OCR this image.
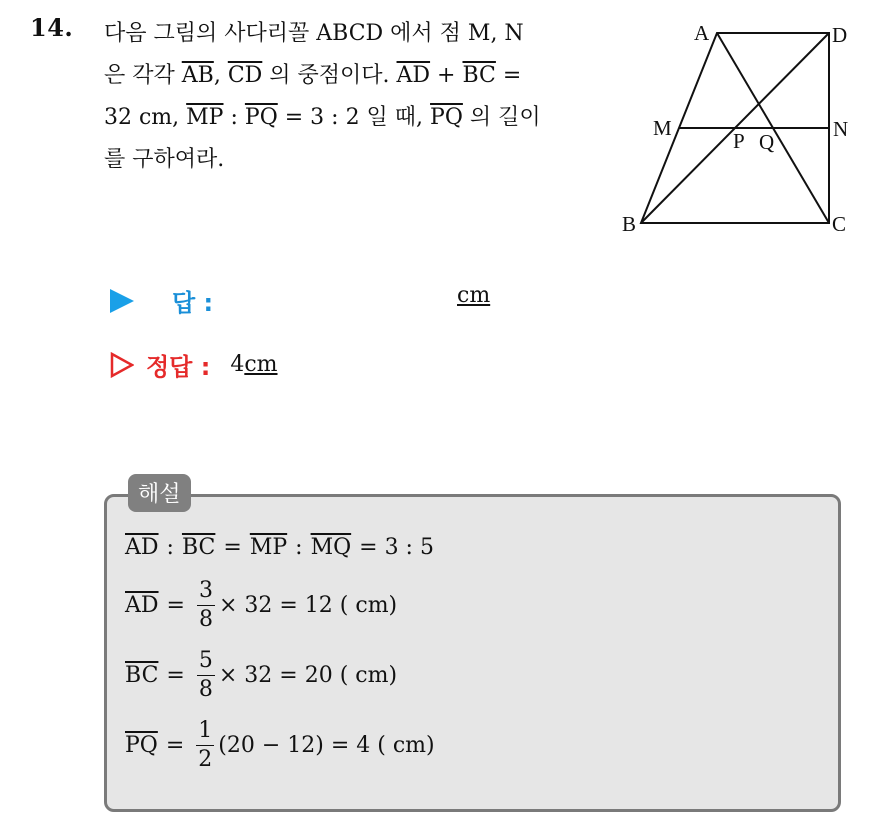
14. 다음 그림의 사다리꼴 ABCD 에서 점 M, N
은 각각 $\overline{AB}$, $\overline{CD}$ 의 중점이다. $\overline{AD} + \overline{BC}$ =
32 cm, $\overline{MP}$ : $\overline{PQ} = 3$ : 2 일 때, $\overline{PQ}$ 의 길이
를 구하여라.
A	D
M	N
P Q
B	C
답 :	cm
정답 : 4cm
해설
$\overline{AD}$ : $\overline{BC} = \overline{MP}$ : $\overline{MQ} = 3$ : 5
$\overline{AD} = \frac{3}{8} \times 32 = 12$ ( cm)
$\overline{BC} = \frac{5}{8} \times 32 = 20$ ( cm)
$\overline{PQ} = \frac{1}{2} (20 - 12) = 4$ ( cm)
